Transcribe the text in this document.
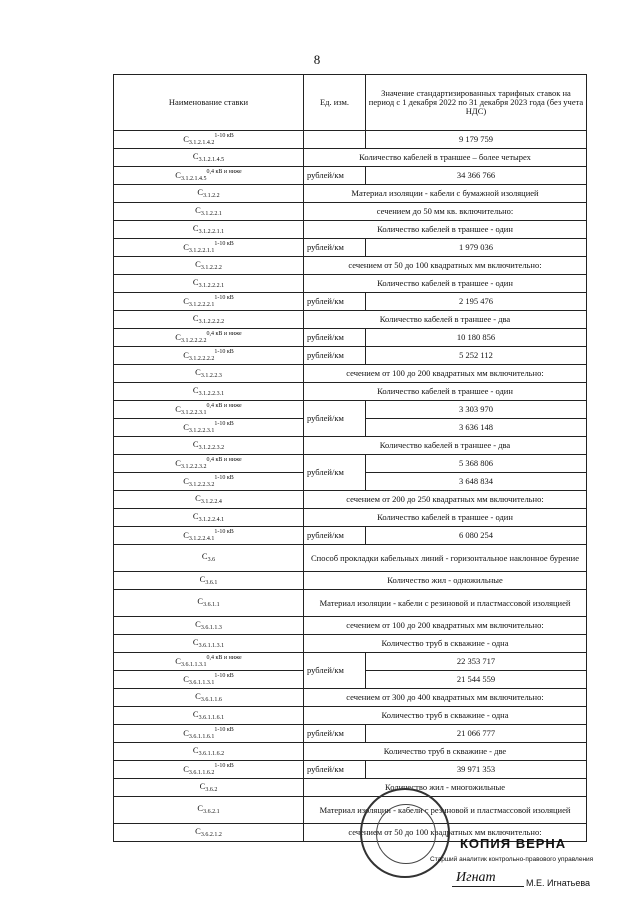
8
Наименование ставки	Ед. изм.	Значение стандартизированных тарифных ставок на период с 1 декабря 2022 по 31 декабря 2023 года (без учета НДС)
$C_{3.1.2.1.4.2}^{1-10 кВ}$		9 179 759
$C_{3.1.2.1.4.5}$	Количество кабелей в траншее – более четырех	
$C_{3.1.2.1.4.5}^{0,4 кВ и ниже}$	рублей/км	34 366 766
$C_{3.1.2.2}$	Материал изоляции - кабели с бумажной изоляцией	
$C_{3.1.2.2.1}$	сечением до 50 мм кв. включительно:	
$C_{3.1.2.2.1.1}$	Количество кабелей в траншее - один	
$C_{3.1.2.2.1.1}^{1-10 кВ}$	рублей/км	1 979 036
$C_{3.1.2.2.2}$	сечением от 50 до 100 квадратных мм включительно:	
$C_{3.1.2.2.2.1}$	Количество кабелей в траншее - один	
$C_{3.1.2.2.2.1}^{1-10 кВ}$	рублей/км	2 195 476
$C_{3.1.2.2.2.2}$	Количество кабелей в траншее - два	
$C_{3.1.2.2.2.2}^{0,4 кВ и ниже}$	рублей/км	10 180 856
$C_{3.1.2.2.2.2}^{1-10 кВ}$	рублей/км	5 252 112
$C_{3.1.2.2.3}$	сечением от 100 до 200 квадратных мм включительно:	
$C_{3.1.2.2.3.1}$	Количество кабелей в траншее - один	
$C_{3.1.2.2.3.1}^{0,4 кВ и ниже}$	рублей/км	3 303 970
$C_{3.1.2.2.3.1}^{1-10 кВ}$		3 636 148
$C_{3.1.2.2.3.2}$	Количество кабелей в траншее - два	
$C_{3.1.2.2.3.2}^{0,4 кВ и ниже}$	рублей/км	5 368 806
$C_{3.1.2.2.3.2}^{1-10 кВ}$		3 648 834
$C_{3.1.2.2.4}$	сечением от 200 до 250 квадратных мм включительно:	
$C_{3.1.2.2.4.1}$	Количество кабелей в траншее - один	
$C_{3.1.2.2.4.1}^{1-10 кВ}$	рублей/км	6 080 254
$C_{3.6}$	Способ прокладки кабельных линий - горизонтальное наклонное бурение	
$C_{3.6.1}$	Количество жил - одножильные	
$C_{3.6.1.1}$	Материал изоляции - кабели с резиновой и пластмассовой изоляцией	
$C_{3.6.1.1.3}$	сечением от 100 до 200 квадратных мм включительно:	
$C_{3.6.1.1.3.1}$	Количество труб в скважине - одна	
$C_{3.6.1.1.3.1}^{0,4 кВ и ниже}$	рублей/км	22 353 717
$C_{3.6.1.1.3.1}^{1-10 кВ}$		21 544 559
$C_{3.6.1.1.6}$	сечением от 300 до 400 квадратных мм включительно:	
$C_{3.6.1.1.6.1}$	Количество труб в скважине - одна	
$C_{3.6.1.1.6.1}^{1-10 кВ}$	рублей/км	21 066 777
$C_{3.6.1.1.6.2}$	Количество труб в скважине - две	
$C_{3.6.1.1.6.2}^{1-10 кВ}$	рублей/км	39 971 353
$C_{3.6.2}$	Количество жил - многожильные	
$C_{3.6.2.1}$	Материал изоляции - кабели с резиновой и пластмассовой изоляцией	
$C_{3.6.2.1.2}$	сечением от 50 до 100 квадратных мм включительно:	
КОПИЯ ВЕРНА
Старший аналитик контрольно-правового управления
Игнат	М.Е. Игнатьева
